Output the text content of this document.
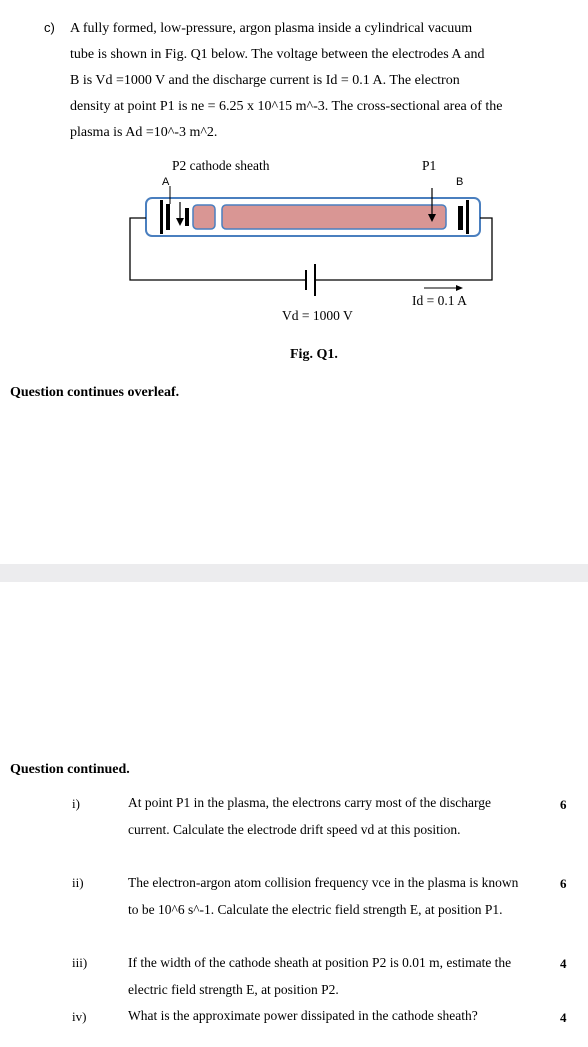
c) A fully formed, low-pressure, argon plasma inside a cylindrical vacuum

tube is shown in Fig. Q1 below. The voltage between the electrodes A and

B is Vd =1000 V and the discharge current is Id = 0.1 A. The electron

density at point P1 is ne = 6.25 x 10^15 m^-3. The cross-sectional area of the

plasma is Ad =10^-3 m^2.

P2 cathode sheath	P1
A	B
Id = 0.1 A
Vd = 1000 V
Fig. Q1.
Question continues overleaf.
Question continued.
i)	At point P1 in the plasma, the electrons carry most of the discharge current. Calculate the electrode drift speed vd at this position.
6
ii)	The electron-argon atom collision frequency vce in the plasma is known to be 10^6 s^-1. Calculate the electric field strength E, at position P1.
6
iii)	If the width of the cathode sheath at position P2 is 0.01 m, estimate the electric field strength E, at position P2.
4
iv)	What is the approximate power dissipated in the cathode sheath?	4
